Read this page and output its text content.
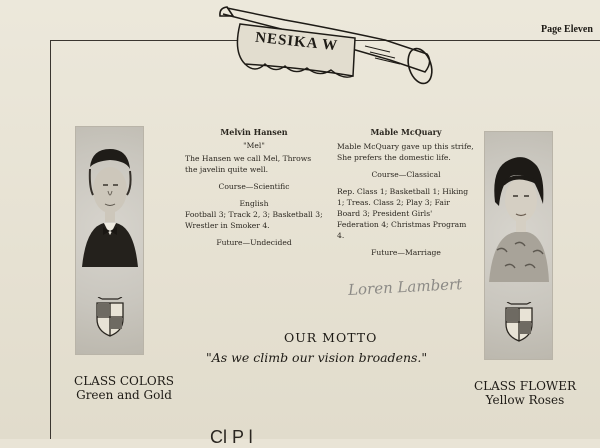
Page Eleven
NESIKA W
Melvin Hansen
"Mel"

The Hansen we call Mel, Throws the javelin quite well.

Course—Scientific

English

Football 3; Track 2, 3; Basketball 3; Wrestler in Smoker 4.

Future—Undecided

Mable McQuary

Mable McQuary gave up this strife, She prefers the domestic life.

Course—Classical

Rep. Class 1; Basketball 1; Hiking 1; Treas. Class 2; Play 3; Fair Board 3; President Girls' Federation 4; Christmas Program 4.

Future—Marriage

Loren Lambert
OUR MOTTO
"As we climb our vision broadens."
CLASS COLORS
Green and Gold
CLASS FLOWER
Yellow Roses
Cl P l
